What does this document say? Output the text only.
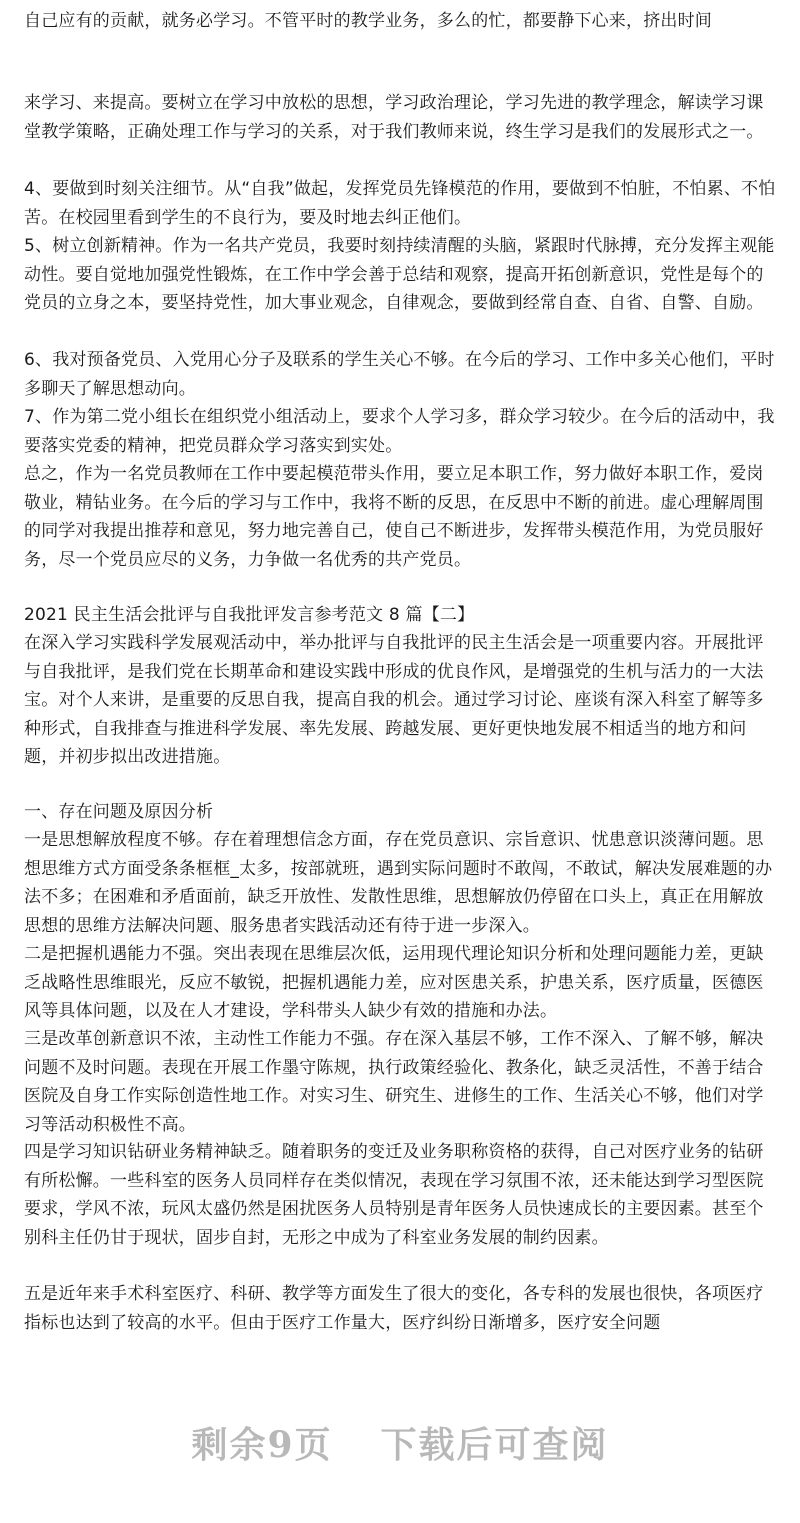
自己应有的贡献，就务必学习。不管平时的教学业务，多么的忙，都要静下心来，挤出时间

来学习、来提高。要树立在学习中放松的思想，学习政治理论，学习先进的教学理念，解读学习课堂教学策略，正确处理工作与学习的关系，对于我们教师来说，终生学习是我们的发展形式之一。

4、要做到时刻关注细节。从“自我”做起，发挥党员先锋模范的作用，要做到不怕脏，不怕累、不怕苦。在校园里看到学生的不良行为，要及时地去纠正他们。

5、树立创新精神。作为一名共产党员，我要时刻持续清醒的头脑，紧跟时代脉搏，充分发挥主观能动性。要自觉地加强党性锻炼，在工作中学会善于总结和观察，提高开拓创新意识，党性是每个的党员的立身之本，要坚持党性，加大事业观念，自律观念，要做到经常自查、自省、自警、自励。

6、我对预备党员、入党用心分子及联系的学生关心不够。在今后的学习、工作中多关心他们，平时多聊天了解思想动向。

7、作为第二党小组长在组织党小组活动上，要求个人学习多，群众学习较少。在今后的活动中，我要落实党委的精神，把党员群众学习落实到实处。

总之，作为一名党员教师在工作中要起模范带头作用，要立足本职工作，努力做好本职工作，爱岗敬业，精钻业务。在今后的学习与工作中，我将不断的反思，在反思中不断的前进。虚心理解周围的同学对我提出推荐和意见，努力地完善自己，使自己不断进步，发挥带头模范作用，为党员服好务，尽一个党员应尽的义务，力争做一名优秀的共产党员。

2021 民主生活会批评与自我批评发言参考范文 8 篇【二】

在深入学习实践科学发展观活动中，举办批评与自我批评的民主生活会是一项重要内容。开展批评与自我批评，是我们党在长期革命和建设实践中形成的优良作风，是增强党的生机与活力的一大法宝。对个人来讲，是重要的反思自我，提高自我的机会。通过学习讨论、座谈有深入科室了解等多种形式，自我排查与推进科学发展、率先发展、跨越发展、更好更快地发展不相适当的地方和问题，并初步拟出改进措施。

一、存在问题及原因分析

一是思想解放程度不够。存在着理想信念方面，存在党员意识、宗旨意识、忧患意识淡薄问题。思想思维方式方面受条条框框_太多，按部就班，遇到实际问题时不敢闯，不敢试，解决发展难题的办法不多；在困难和矛盾面前，缺乏开放性、发散性思维，思想解放仍停留在口头上，真正在用解放思想的思维方法解决问题、服务患者实践活动还有待于进一步深入。

二是把握机遇能力不强。突出表现在思维层次低，运用现代理论知识分析和处理问题能力差，更缺乏战略性思维眼光，反应不敏锐，把握机遇能力差，应对医患关系，护患关系，医疗质量，医德医风等具体问题，以及在人才建设，学科带头人缺少有效的措施和办法。

三是改革创新意识不浓，主动性工作能力不强。存在深入基层不够，工作不深入、了解不够，解决问题不及时问题。表现在开展工作墨守陈规，执行政策经验化、教条化，缺乏灵活性，不善于结合医院及自身工作实际创造性地工作。对实习生、研究生、进修生的工作、生活关心不够，他们对学习等活动积极性不高。

四是学习知识钻研业务精神缺乏。随着职务的变迁及业务职称资格的获得，自己对医疗业务的钻研有所松懈。一些科室的医务人员同样存在类似情况，表现在学习氛围不浓，还未能达到学习型医院要求，学风不浓，玩风太盛仍然是困扰医务人员特别是青年医务人员快速成长的主要因素。甚至个别科主任仍甘于现状，固步自封，无形之中成为了科室业务发展的制约因素。

五是近年来手术科室医疗、科研、教学等方面发生了很大的变化，各专科的发展也很快，各项医疗指标也达到了较高的水平。但由于医疗工作量大，医疗纠纷日渐增多，医疗安全问题

剩余9页 下载后可查阅
